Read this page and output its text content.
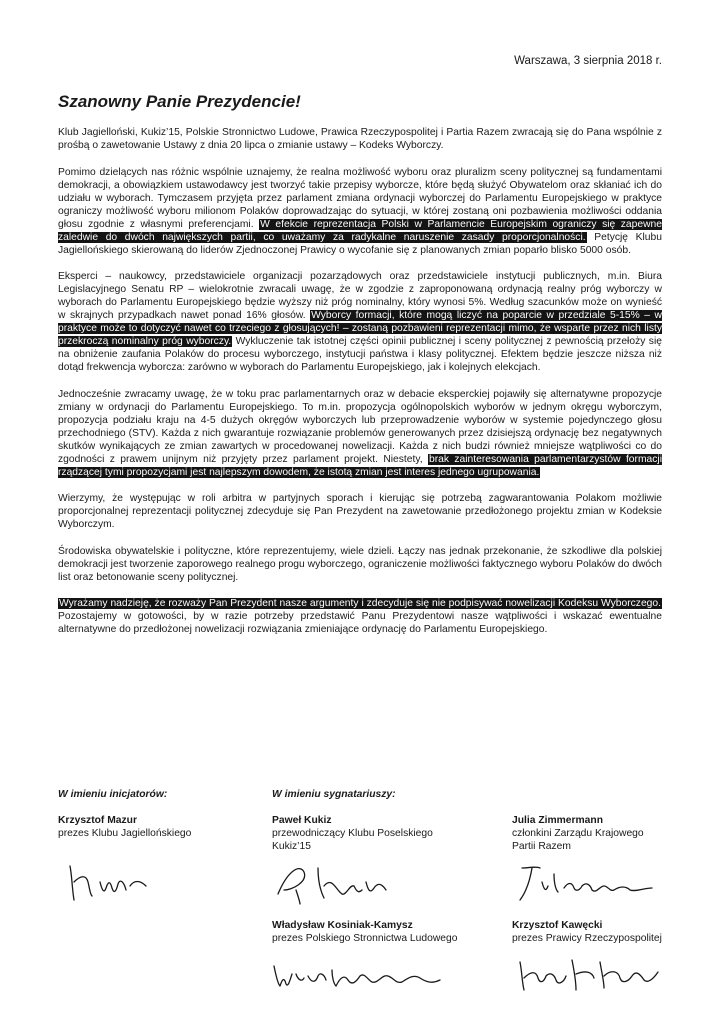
Warszawa, 3 sierpnia 2018 r.
Szanowny Panie Prezydencie!

Klub Jagielloński, Kukiz’15, Polskie Stronnictwo Ludowe, Prawica Rzeczypospolitej i Partia Razem zwracają się do Pana wspólnie z prośbą o zawetowanie Ustawy z dnia 20 lipca o zmianie ustawy – Kodeks Wyborczy.

Pomimo dzielących nas różnic wspólnie uznajemy, że realna możliwość wyboru oraz pluralizm sceny politycznej są fundamentami demokracji, a obowiązkiem ustawodawcy jest tworzyć takie przepisy wyborcze, które będą służyć Obywatelom oraz skłaniać ich do udziału w wyborach. Tymczasem przyjęta przez parlament zmiana ordynacji wyborczej do Parlamentu Europejskiego w praktyce ograniczy możliwość wyboru milionom Polaków doprowadzając do sytuacji, w której zostaną oni pozbawienia możliwości oddania głosu zgodnie z własnymi preferencjami. W efekcie reprezentacja Polski w Parlamencie Europejskim ograniczy się zapewne zaledwie do dwóch największych partii, co uważamy za radykalne naruszenie zasady proporcjonalności. Petycję Klubu Jagiellońskiego skierowaną do liderów Zjednoczonej Prawicy o wycofanie się z planowanych zmian poparło blisko 5000 osób.

Eksperci – naukowcy, przedstawiciele organizacji pozarządowych oraz przedstawiciele instytucji publicznych, m.in. Biura Legislacyjnego Senatu RP – wielokrotnie zwracali uwagę, że w zgodzie z zaproponowaną ordynacją realny próg wyborczy w wyborach do Parlamentu Europejskiego będzie wyższy niż próg nominalny, który wynosi 5%. Według szacunków może on wynieść w skrajnych przypadkach nawet ponad 16% głosów. Wyborcy formacji, które mogą liczyć na poparcie w przedziale 5-15% – w praktyce może to dotyczyć nawet co trzeciego z głosujących! – zostaną pozbawieni reprezentacji mimo, że wsparte przez nich listy przekroczą nominalny próg wyborczy. Wykluczenie tak istotnej części opinii publicznej i sceny politycznej z pewnością przełoży się na obniżenie zaufania Polaków do procesu wyborczego, instytucji państwa i klasy politycznej. Efektem będzie jeszcze niższa niż dotąd frekwencja wyborcza: zarówno w wyborach do Parlamentu Europejskiego, jak i kolejnych elekcjach.

Jednocześnie zwracamy uwagę, że w toku prac parlamentarnych oraz w debacie eksperckiej pojawiły się alternatywne propozycje zmiany w ordynacji do Parlamentu Europejskiego. To m.in. propozycja ogólnopolskich wyborów w jednym okręgu wyborczym, propozycja podziału kraju na 4-5 dużych okręgów wyborczych lub przeprowadzenie wyborów w systemie pojedynczego głosu przechodniego (STV). Każda z nich gwarantuje rozwiązanie problemów generowanych przez dzisiejszą ordynację bez negatywnych skutków wynikających ze zmian zawartych w procedowanej nowelizacji. Każda z nich budzi również mniejsze wątpliwości co do zgodności z prawem unijnym niż przyjęty przez parlament projekt. Niestety, brak zainteresowania parlamentarzystów formacji rządzącej tymi propozycjami jest najlepszym dowodem, że istotą zmian jest interes jednego ugrupowania.

Wierzymy, że występując w roli arbitra w partyjnych sporach i kierując się potrzebą zagwarantowania Polakom możliwie proporcjonalnej reprezentacji politycznej zdecyduje się Pan Prezydent na zawetowanie przedłożonego projektu zmian w Kodeksie Wyborczym.

Środowiska obywatelskie i polityczne, które reprezentujemy, wiele dzieli. Łączy nas jednak przekonanie, że szkodliwe dla polskiej demokracji jest tworzenie zaporowego realnego progu wyborczego, ograniczenie możliwości faktycznego wyboru Polaków do dwóch list oraz betonowanie sceny politycznej.

Wyrażamy nadzieję, że rozważy Pan Prezydent nasze argumenty i zdecyduje się nie podpisywać nowelizacji Kodeksu Wyborczego. Pozostajemy w gotowości, by w razie potrzeby przedstawić Panu Prezydentowi nasze wątpliwości i wskazać ewentualne alternatywne do przedłożonej nowelizacji rozwiązania zmieniające ordynację do Parlamentu Europejskiego.

W imieniu inicjatorów:
Krzysztof Mazur
prezes Klubu Jagiellońskiego
W imieniu sygnatariuszy:
Paweł Kukiz
przewodniczący Klubu Poselskiego
Kukiz’15
Władysław Kosiniak-Kamysz
prezes Polskiego Stronnictwa Ludowego
Julia Zimmermann
członkini Zarządu Krajowego
Partii Razem
Krzysztof Kawęcki
prezes Prawicy Rzeczypospolitej
